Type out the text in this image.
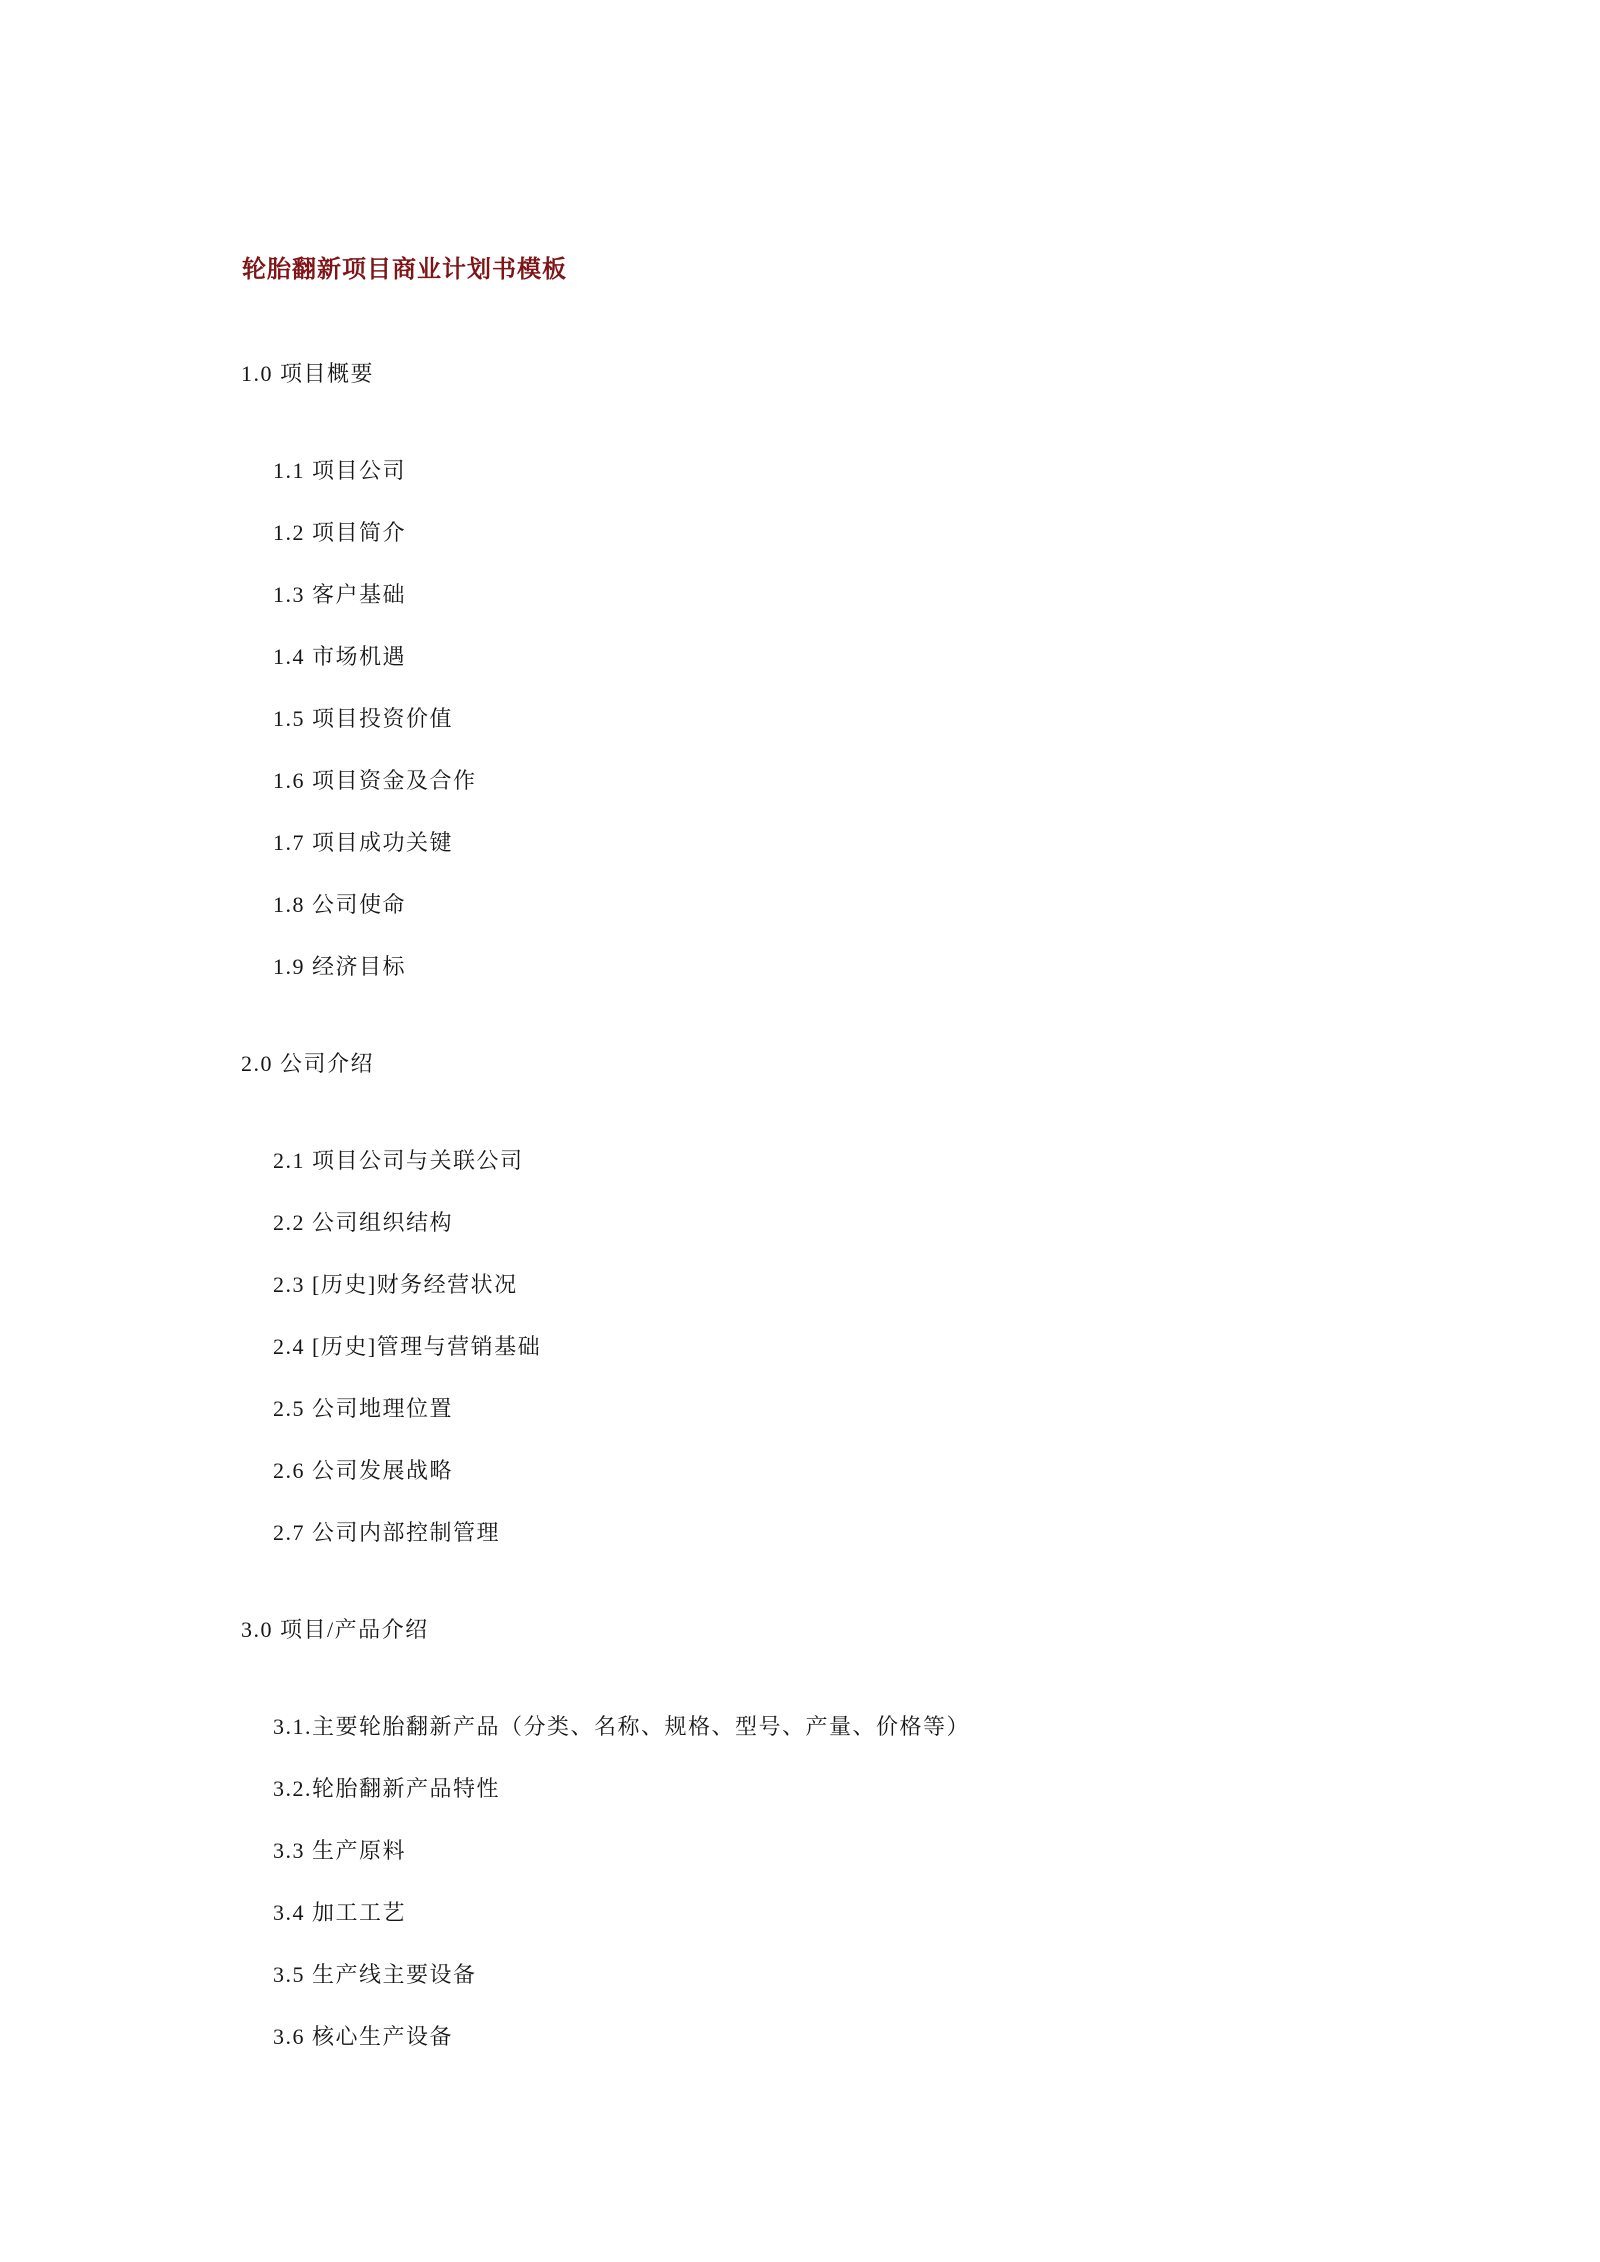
轮胎翻新项目商业计划书模板
1.0 项目概要
1.1 项目公司
1.2 项目简介
1.3 客户基础
1.4 市场机遇
1.5 项目投资价值
1.6 项目资金及合作
1.7 项目成功关键
1.8 公司使命
1.9 经济目标
2.0 公司介绍
2.1 项目公司与关联公司
2.2 公司组织结构
2.3 [历史]财务经营状况
2.4 [历史]管理与营销基础
2.5 公司地理位置
2.6 公司发展战略
2.7 公司内部控制管理
3.0 项目/产品介绍
3.1.主要轮胎翻新产品（分类、名称、规格、型号、产量、价格等）
3.2.轮胎翻新产品特性
3.3 生产原料
3.4 加工工艺
3.5 生产线主要设备
3.6 核心生产设备
